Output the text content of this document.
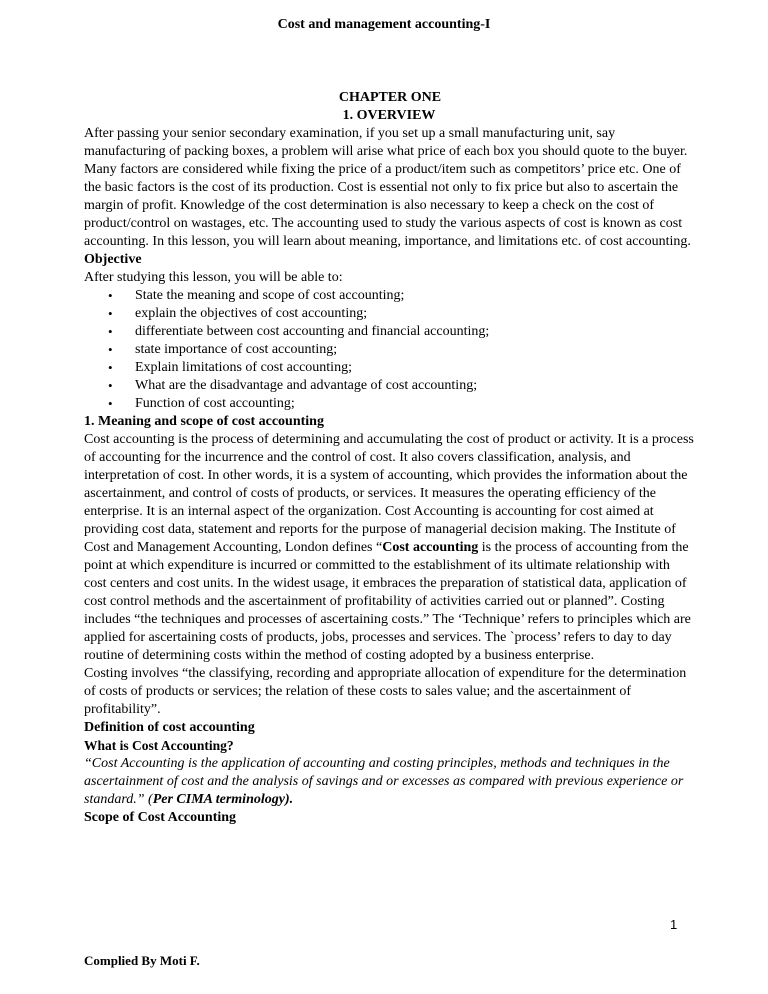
Cost and management accounting-I
CHAPTER ONE
1. OVERVIEW

After passing your senior secondary examination, if you set up a small manufacturing unit, say manufacturing of packing boxes, a problem will arise what price of each box you should quote to the buyer. Many factors are considered while fixing the price of a product/item such as competitors’ price etc. One of the basic factors is the cost of its production. Cost is essential not only to fix price but also to ascertain the margin of profit. Knowledge of the cost determination is also necessary to keep a check on the cost of product/control on wastages, etc. The accounting used to study the various aspects of cost is known as cost accounting. In this lesson, you will learn about meaning, importance, and limitations etc. of cost accounting.

Objective

After studying this lesson, you will be able to:

• State the meaning and scope of cost accounting;
• explain the objectives of cost accounting;
• differentiate between cost accounting and financial accounting;
• state importance of cost accounting;
• Explain limitations of cost accounting;
• What are the disadvantage and advantage of cost accounting;
• Function of cost accounting;
1. Meaning and scope of cost accounting

Cost accounting is the process of determining and accumulating the cost of product or activity. It is a process of accounting for the incurrence and the control of cost. It also covers classification, analysis, and interpretation of cost. In other words, it is a system of accounting, which provides the information about the ascertainment, and control of costs of products, or services. It measures the operating efficiency of the enterprise. It is an internal aspect of the organization. Cost Accounting is accounting for cost aimed at providing cost data, statement and reports for the purpose of managerial decision making. The Institute of Cost and Management Accounting, London defines “Cost accounting is the process of accounting from the point at which expenditure is incurred or committed to the establishment of its ultimate relationship with cost centers and cost units. In the widest usage, it embraces the preparation of statistical data, application of cost control methods and the ascertainment of profitability of activities carried out or planned”. Costing includes “the techniques and processes of ascertaining costs.” The ‘Technique’ refers to principles which are applied for ascertaining costs of products, jobs, processes and services. The `process’ refers to day to day routine of determining costs within the method of costing adopted by a business enterprise.

Costing involves “the classifying, recording and appropriate allocation of expenditure for the determination of costs of products or services; the relation of these costs to sales value; and the ascertainment of profitability”.

Definition of cost accounting
What is Cost Accounting?

“Cost Accounting is the application of accounting and costing principles, methods and techniques in the ascertainment of cost and the analysis of savings and or excesses as compared with previous experience or standard.” (Per CIMA terminology).

Scope of Cost Accounting
1
Complied By Moti F.
